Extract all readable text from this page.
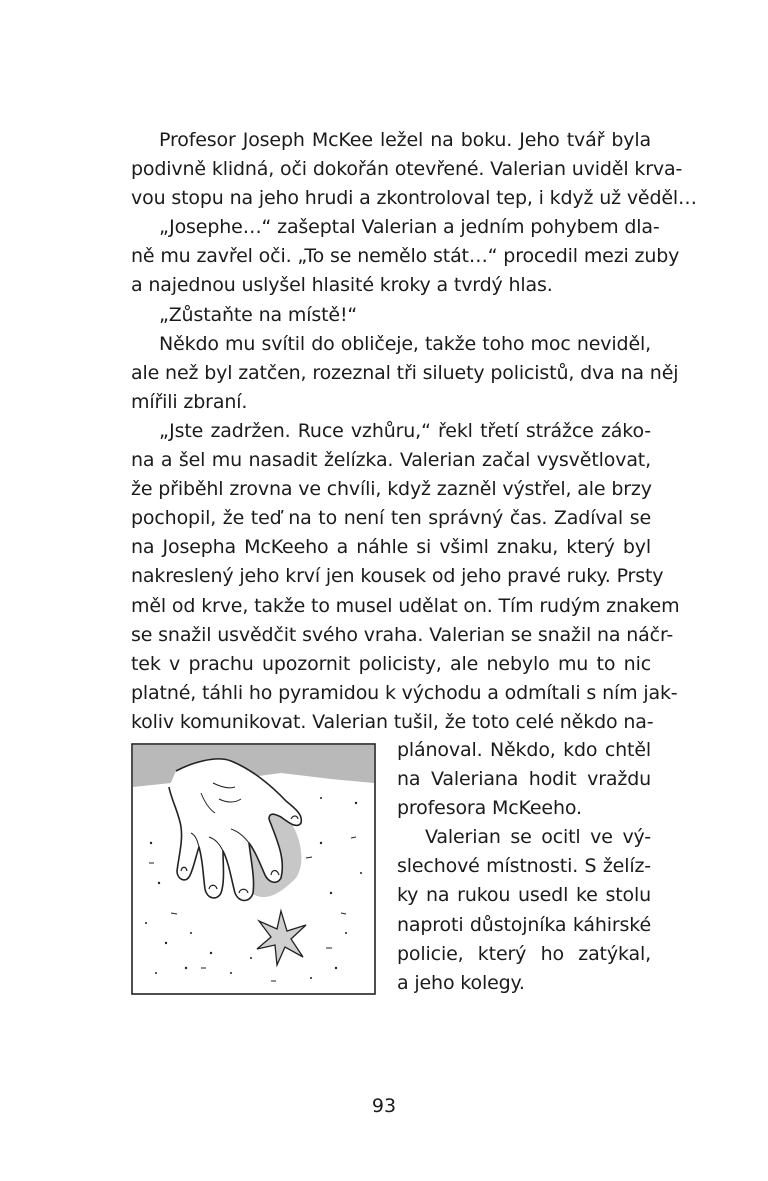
Profesor Joseph McKee ležel na boku. Jeho tvář byla
podivně klidná, oči dokořán otevřené. Valerian uviděl krva-
vou stopu na jeho hrudi a zkontroloval tep, i když už věděl…
„Josephe…“ zašeptal Valerian a jedním pohybem dla-
ně mu zavřel oči. „To se nemělo stát…“ procedil mezi zuby
a najednou uslyšel hlasité kroky a tvrdý hlas.
„Zůstaňte na místě!“
Někdo mu svítil do obličeje, takže toho moc neviděl,
ale než byl zatčen, rozeznal tři siluety policistů, dva na něj
mířili zbraní.
„Jste zadržen. Ruce vzhůru,“ řekl třetí strážce záko-
na a šel mu nasadit želízka. Valerian začal vysvětlovat,
že přiběhl zrovna ve chvíli, když zazněl výstřel, ale brzy
pochopil, že teď na to není ten správný čas. Zadíval se
na Josepha McKeeho a náhle si všiml znaku, který byl
nakreslený jeho krví jen kousek od jeho pravé ruky. Prsty
měl od krve, takže to musel udělat on. Tím rudým znakem
se snažil usvědčit svého vraha. Valerian se snažil na náčr-
tek v prachu upozornit policisty, ale nebylo mu to nic
platné, táhli ho pyramidou k východu a odmítali s ním jak-
koliv komunikovat. Valerian tušil, že toto celé někdo na-
plánoval. Někdo, kdo chtěl
na Valeriana hodit vraždu
profesora McKeeho.
Valerian se ocitl ve vý-
slechové místnosti. S želíz-
ky na rukou usedl ke stolu
naproti důstojníka káhirské
policie, který ho zatýkal,
a jeho kolegy.
93
